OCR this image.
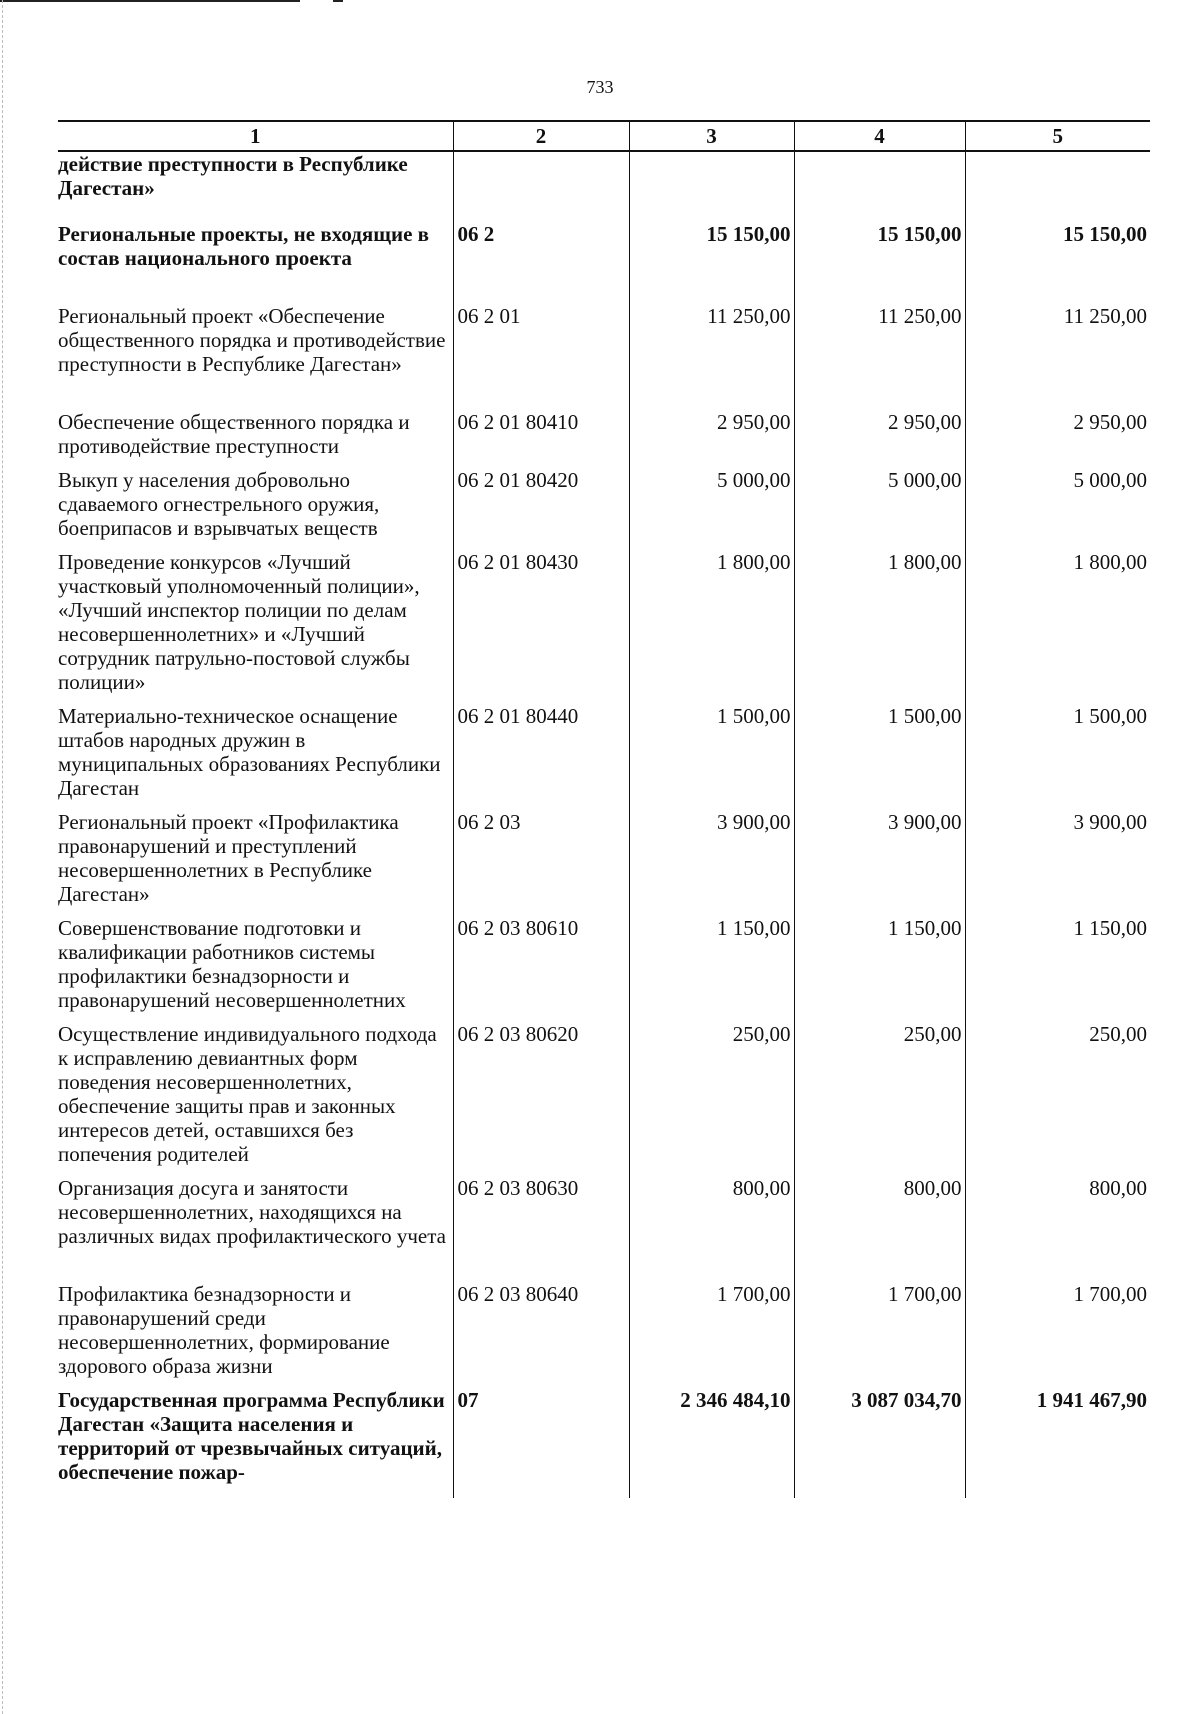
733
1	2	3	4	5
действие преступности в Республике Дагестан»				
Региональные проекты, не входящие в состав национального проекта	06 2	15 150,00	15 150,00	15 150,00
Региональный проект «Обеспечение общественного порядка и противодействие преступности в Республике Дагестан»	06 2 01	11 250,00	11 250,00	11 250,00
Обеспечение общественного порядка и противодействие преступности	06 2 01 80410	2 950,00	2 950,00	2 950,00
Выкуп у населения добровольно сдаваемого огнестрельного оружия, боеприпасов и взрывчатых веществ	06 2 01 80420	5 000,00	5 000,00	5 000,00
Проведение конкурсов «Лучший участковый уполномоченный полиции», «Лучший инспектор полиции по делам несовершеннолетних» и «Лучший сотрудник патрульно-постовой службы полиции»	06 2 01 80430	1 800,00	1 800,00	1 800,00
Материально-техническое оснащение штабов народных дружин в муниципальных образованиях Республики Дагестан	06 2 01 80440	1 500,00	1 500,00	1 500,00
Региональный проект «Профилактика правонарушений и преступлений несовершеннолетних в Республике Дагестан»	06 2 03	3 900,00	3 900,00	3 900,00
Совершенствование подготовки и квалификации работников системы профилактики безнадзорности и правонарушений несовершеннолетних	06 2 03 80610	1 150,00	1 150,00	1 150,00
Осуществление индивидуального подхода к исправлению девиантных форм поведения несовершеннолетних, обеспечение защиты прав и законных интересов детей, оставшихся без попечения родителей	06 2 03 80620	250,00	250,00	250,00
Организация досуга и занятости несовершеннолетних, находящихся на различных видах профилактического учета	06 2 03 80630	800,00	800,00	800,00
Профилактика безнадзорности и правонарушений среди несовершеннолетних, формирование здорового образа жизни	06 2 03 80640	1 700,00	1 700,00	1 700,00
Государственная программа Республики Дагестан «Защита населения и территорий от чрезвычайных ситуаций, обеспечение пожар-	07	2 346 484,10	3 087 034,70	1 941 467,90
